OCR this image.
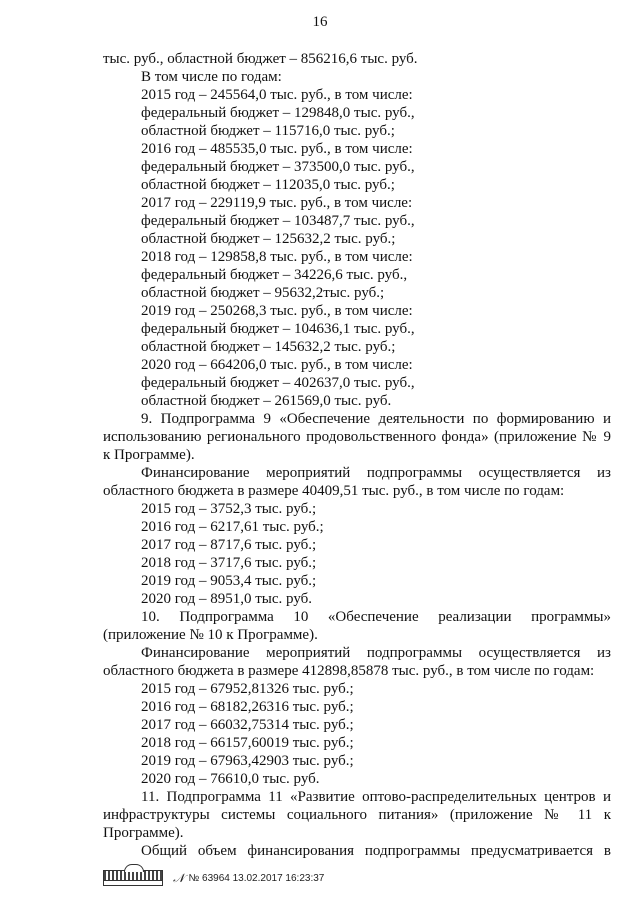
16
тыс. руб., областной бюджет – 856216,6 тыс. руб.
В том числе по годам:
2015 год – 245564,0 тыс. руб., в том числе:
федеральный бюджет – 129848,0 тыс. руб.,
областной бюджет – 115716,0 тыс. руб.;
2016 год – 485535,0 тыс. руб., в том числе:
федеральный бюджет – 373500,0 тыс. руб.,
областной бюджет – 112035,0 тыс. руб.;
2017 год – 229119,9 тыс. руб., в том числе:
федеральный бюджет – 103487,7 тыс. руб.,
областной бюджет – 125632,2 тыс. руб.;
2018 год – 129858,8 тыс. руб., в том числе:
федеральный бюджет – 34226,6 тыс. руб.,
областной бюджет – 95632,2тыс. руб.;
2019 год – 250268,3 тыс. руб., в том числе:
федеральный бюджет – 104636,1 тыс. руб.,
областной бюджет – 145632,2 тыс. руб.;
2020 год – 664206,0 тыс. руб., в том числе:
федеральный бюджет – 402637,0 тыс. руб.,
областной бюджет – 261569,0 тыс. руб.
9. Подпрограмма 9 «Обеспечение деятельности по формированию и
использованию регионального продовольственного фонда» (приложение № 9
к Программе).
Финансирование мероприятий подпрограммы осуществляется из
областного бюджета в размере 40409,51 тыс. руб., в том числе по годам:
2015 год – 3752,3 тыс. руб.;
2016 год – 6217,61 тыс. руб.;
2017 год – 8717,6 тыс. руб.;
2018 год – 3717,6 тыс. руб.;
2019 год – 9053,4 тыс. руб.;
2020 год – 8951,0 тыс. руб.
10. Подпрограмма 10 «Обеспечение реализации программы»
(приложение № 10 к Программе).
Финансирование мероприятий подпрограммы осуществляется из
областного бюджета в размере 412898,85878 тыс. руб., в том числе по годам:
2015 год – 67952,81326 тыс. руб.;
2016 год – 68182,26316 тыс. руб.;
2017 год – 66032,75314 тыс. руб.;
2018 год – 66157,60019 тыс. руб.;
2019 год – 67963,42903 тыс. руб.;
2020 год – 76610,0 тыс. руб.
11. Подпрограмма 11 «Развитие оптово-распределительных центров и
инфраструктуры системы социального питания» (приложение № 11 к
Программе).
Общий объем финансирования подпрограммы предусматривается в
𝒩 № 63964 13.02.2017 16:23:37
